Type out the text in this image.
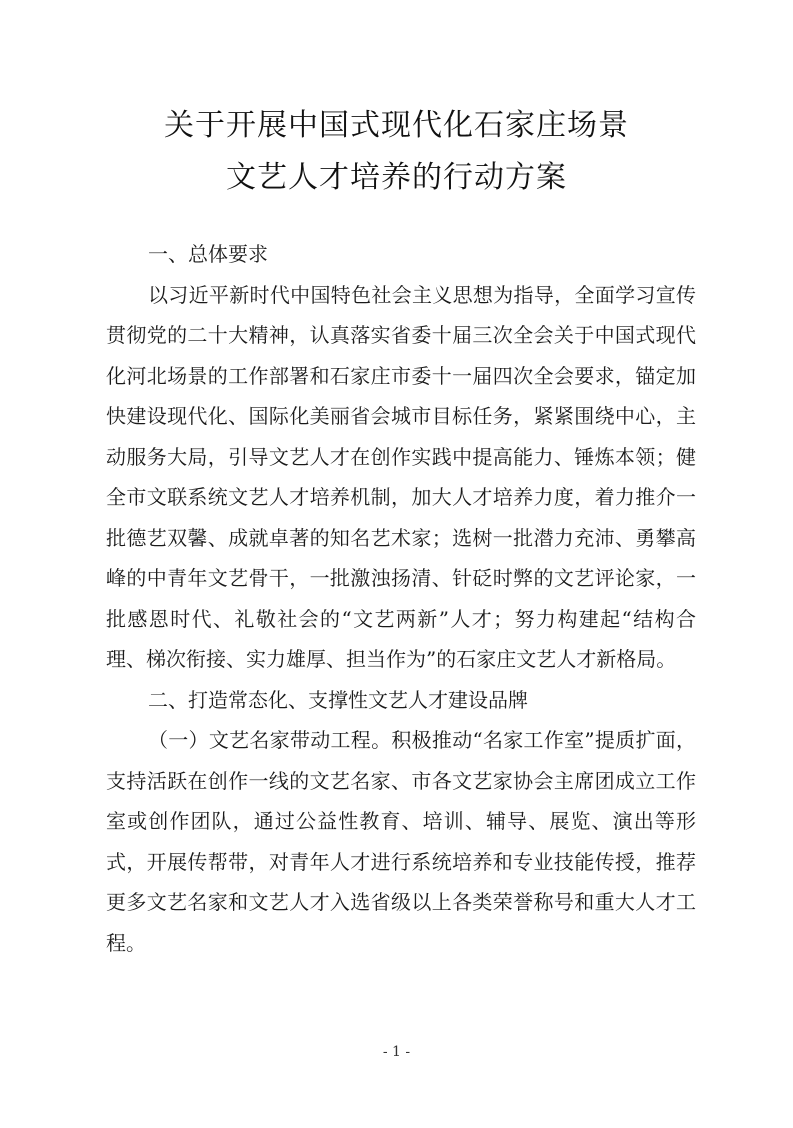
关于开展中国式现代化石家庄场景
文艺人才培养的行动方案

一、总体要求

以习近平新时代中国特色社会主义思想为指导，全面学习宣传贯彻党的二十大精神，认真落实省委十届三次全会关于中国式现代化河北场景的工作部署和石家庄市委十一届四次全会要求，锚定加快建设现代化、国际化美丽省会城市目标任务，紧紧围绕中心，主动服务大局，引导文艺人才在创作实践中提高能力、锤炼本领；健全市文联系统文艺人才培养机制，加大人才培养力度，着力推介一批德艺双馨、成就卓著的知名艺术家；选树一批潜力充沛、勇攀高峰的中青年文艺骨干，一批激浊扬清、针砭时弊的文艺评论家，一批感恩时代、礼敬社会的“文艺两新”人才；努力构建起“结构合理、梯次衔接、实力雄厚、担当作为”的石家庄文艺人才新格局。

二、打造常态化、支撑性文艺人才建设品牌

（一）文艺名家带动工程。积极推动“名家工作室”提质扩面，支持活跃在创作一线的文艺名家、市各文艺家协会主席团成立工作室或创作团队，通过公益性教育、培训、辅导、展览、演出等形式，开展传帮带，对青年人才进行系统培养和专业技能传授，推荐更多文艺名家和文艺人才入选省级以上各类荣誉称号和重大人才工程。

- 1 -
